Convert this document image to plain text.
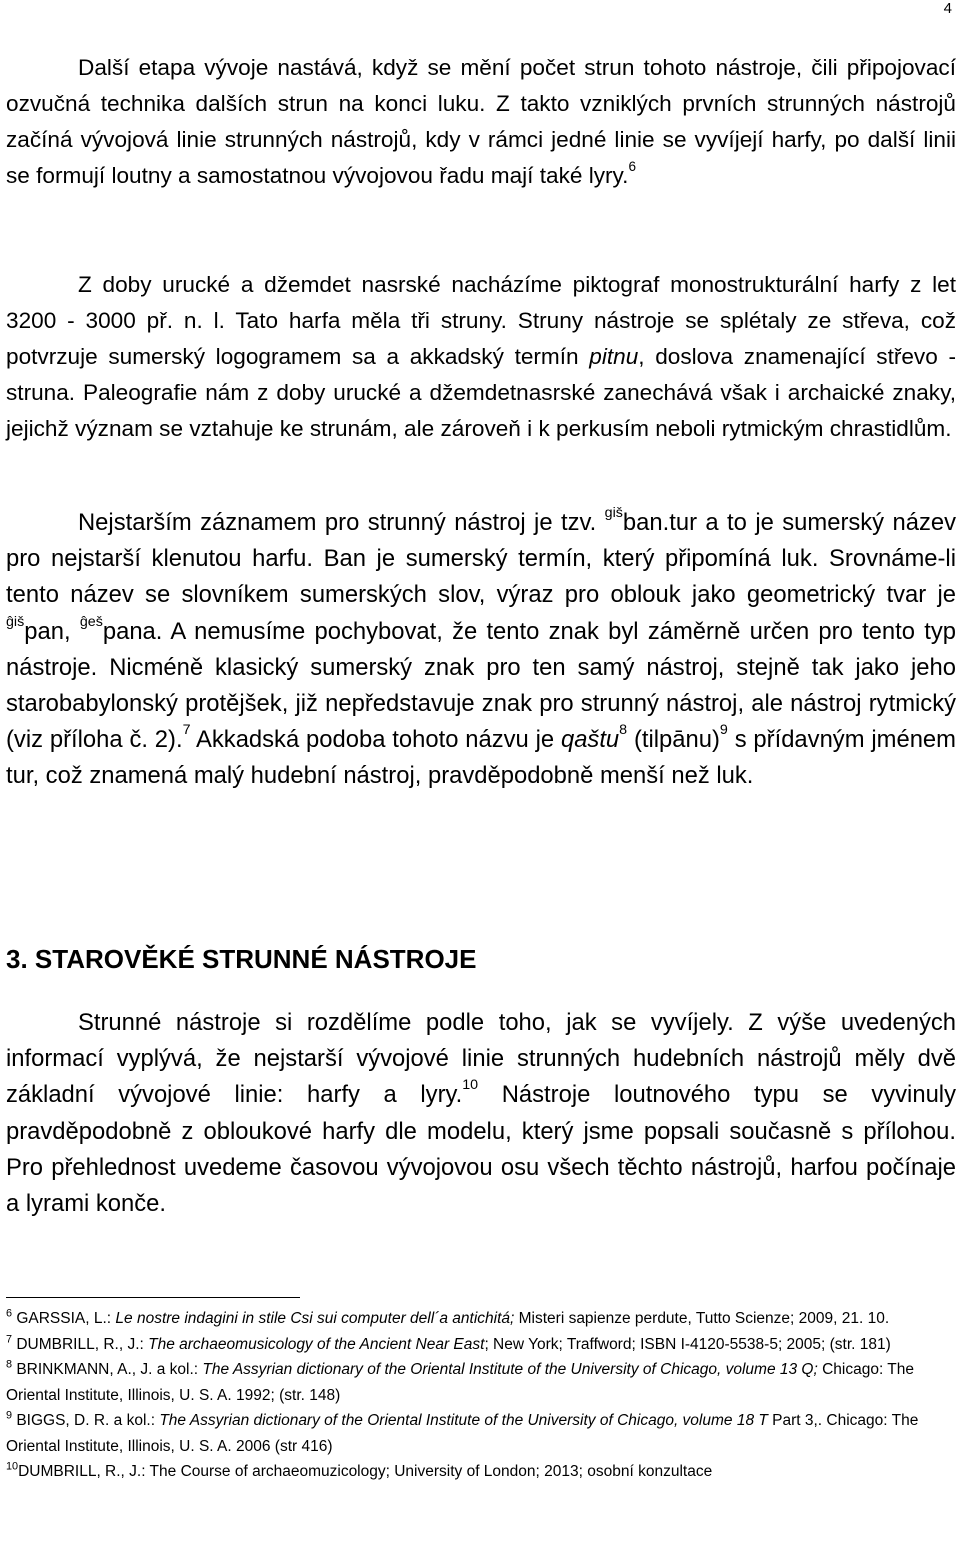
4

Další etapa vývoje nastává, když se mění počet strun tohoto nástroje, čili připojovací ozvučná technika dalších strun na konci luku. Z takto vzniklých prvních strunných nástrojů začíná vývojová linie strunných nástrojů, kdy v rámci jedné linie se vyvíjejí harfy, po další linii se formují loutny a samostatnou vývojovou řadu mají také lyry.$^6$

Z doby urucké a džemdet nasrské nacházíme piktograf monostrukturální harfy z let 3200 - 3000 př. n. l. Tato harfa měla tři struny. Struny nástroje se splétaly ze střeva, což potvrzuje sumerský logogramem sa a akkadský termín pitnu, doslova znamenající střevo - struna. Paleografie nám z doby urucké a džemdetnasrské zanechává však i archaické znaky, jejichž význam se vztahuje ke strunám, ale zároveň i k perkusím neboli rytmickým chrastidlům.

Nejstarším záznamem pro strunný nástroj je tzv. $^{giš}$ban.tur a to je sumerský název pro nejstarší klenutou harfu. Ban je sumerský termín, který připomíná luk. Srovnáme-li tento název se slovníkem sumerských slov, výraz pro oblouk jako geometrický tvar je $^{ĝiš}$pan, $^{ĝeš}$pana. A nemusíme pochybovat, že tento znak byl záměrně určen pro tento typ nástroje. Nicméně klasický sumerský znak pro ten samý nástroj, stejně tak jako jeho starobabylonský protějšek, již nepředstavuje znak pro strunný nástroj, ale nástroj rytmický (viz příloha č. 2).$^7$ Akkadská podoba tohoto názvu je qaštu$^8$ (tilpānu)$^9$ s přídavným jménem tur, což znamená malý hudební nástroj, pravděpodobně menší než luk.

3. STAROVĚKÉ STRUNNÉ NÁSTROJE

Strunné nástroje si rozdělíme podle toho, jak se vyvíjely. Z výše uvedených informací vyplývá, že nejstarší vývojové linie strunných hudebních nástrojů měly dvě základní vývojové linie: harfy a lyry.$^{10}$ Nástroje loutnového typu se vyvinuly pravděpodobně z obloukové harfy dle modelu, který jsme popsali současně s přílohou. Pro přehlednost uvedeme časovou vývojovou osu všech těchto nástrojů, harfou počínaje a lyrami konče.

$^6$ GARSSIA, L.: Le nostre indagini in stile Csi sui computer dell´a antichitá; Misteri sapienze perdute, Tutto Scienze; 2009, 21. 10.

$^7$ DUMBRILL, R., J.: The archaeomusicology of the Ancient Near East; New York; Traffword; ISBN I-4120-5538-5; 2005; (str. 181)

$^8$ BRINKMANN, A., J. a kol.: The Assyrian dictionary of the Oriental Institute of the University of Chicago, volume 13 Q; Chicago: The Oriental Institute, Illinois, U. S. A. 1992; (str. 148)

$^9$ BIGGS, D. R. a kol.: The Assyrian dictionary of the Oriental Institute of the University of Chicago, volume 18 T Part 3,. Chicago: The Oriental Institute, Illinois, U. S. A. 2006 (str 416)

$^{10}$DUMBRILL, R., J.: The Course of archaeomuzicology; University of London; 2013; osobní konzultace
